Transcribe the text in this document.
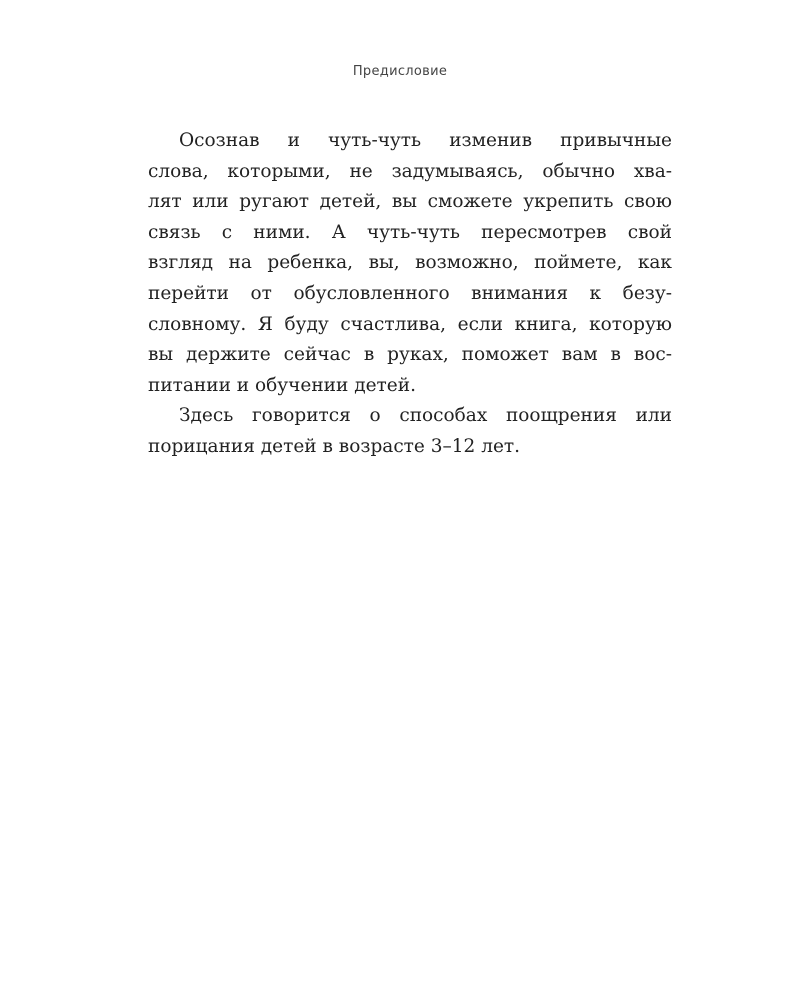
Предисловие
Осознав и чуть-чуть изменив привычные
слова, которыми, не задумываясь, обычно хва-
лят или ругают детей, вы сможете укрепить свою
связь с ними. А чуть-чуть пересмотрев свой
взгляд на ребенка, вы, возможно, поймете, как
перейти от обусловленного внимания к безу-
словному. Я буду счастлива, если книга, которую
вы держите сейчас в руках, поможет вам в вос-
питании и обучении детей.
Здесь говорится о способах поощрения или
порицания детей в возрасте 3–12 лет.
